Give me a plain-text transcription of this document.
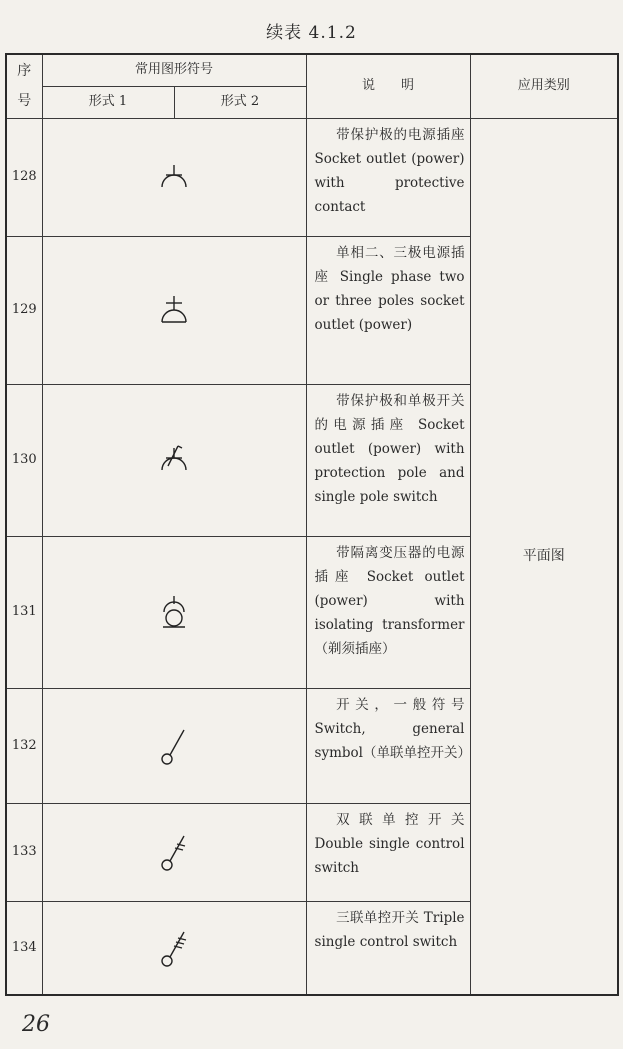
续表 4.1.2
序
号	常用图形符号		说　　明	应用类别
	形式 1	形式 2		
128			带保护极的电源插座 Socket outlet (power) with protective contact	平面图
129			单相二、三极电源插座 Single phase two or three poles socket outlet (power)	

130			带保护极和单极开关的电源插座 Socket outlet (power) with protection pole and single pole switch	

131			带隔离变压器的电源插座 Socket outlet (power) with isolating transformer（剃须插座）	

132			开关，一般符号 Switch, general symbol（单联单控开关）	

133			双联单控开关 Double single control switch	

134			三联单控开关 Triple single control switch	
26
